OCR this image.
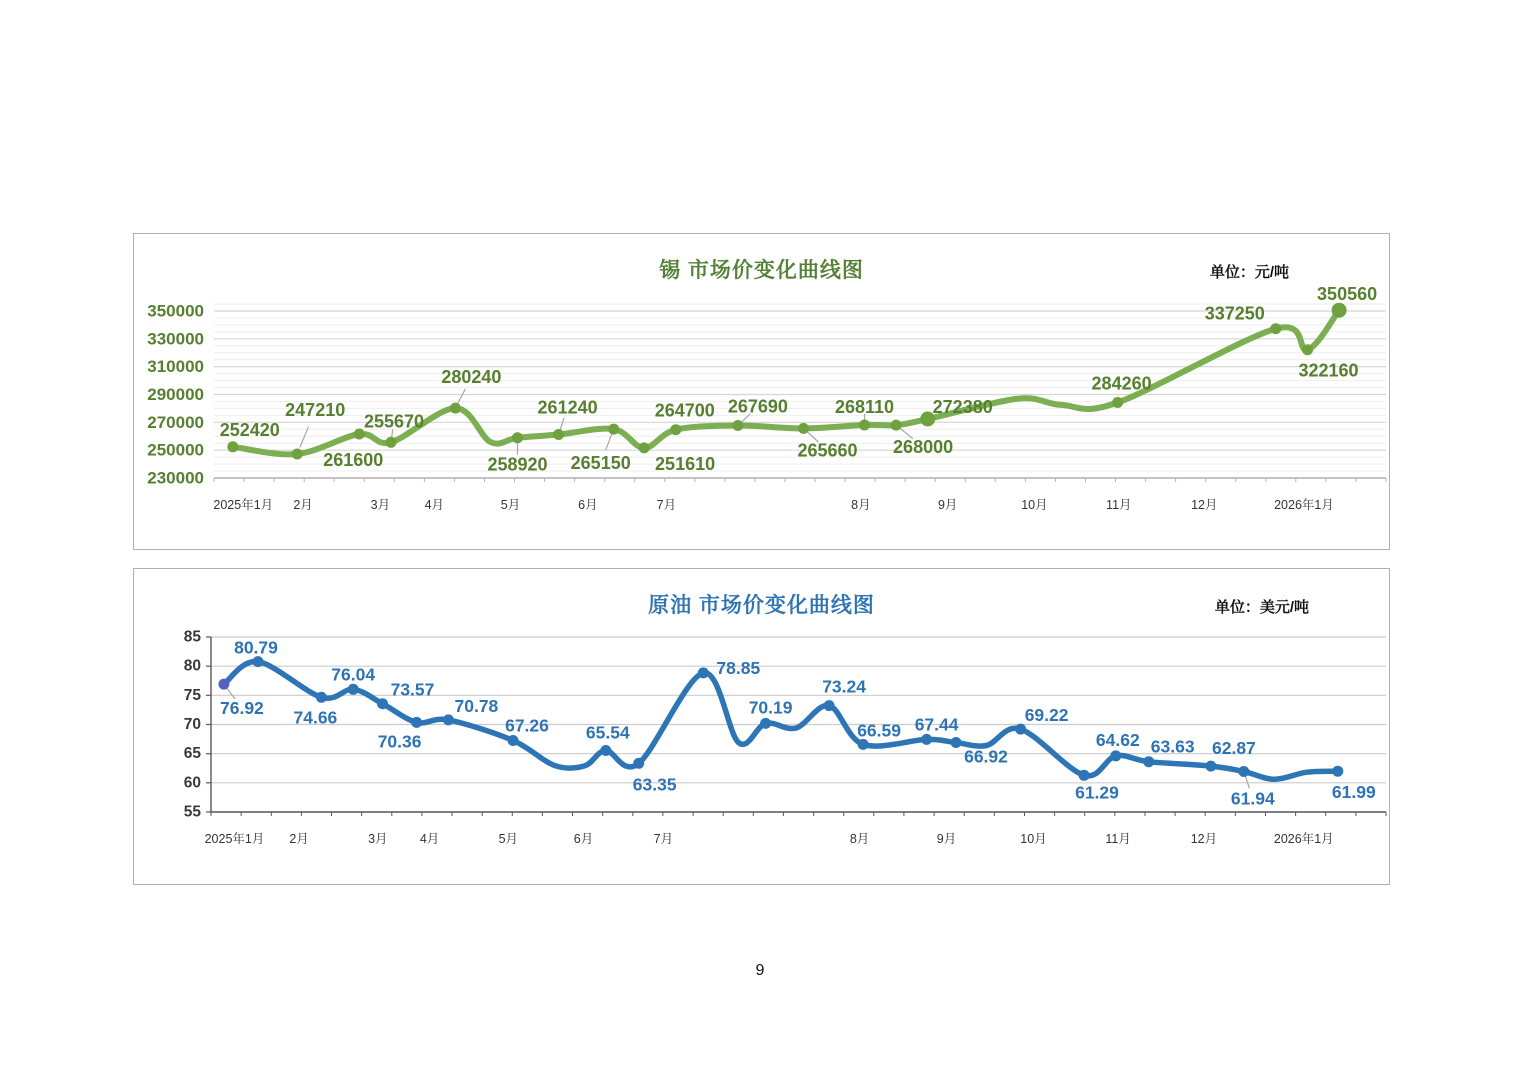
锡 市场价变化曲线图	单位：元/吨
350000
330000
310000
290000
270000
250000
230000
2025年1月 2月	3月	4月	5月	6月	7月	8月	9月	10月	11月	12月	2026年1月
252420
247210
261600
255670
280240
258920
261240
265150 251610
264700 267690
265660
268110
268000
272380
284260
337250
322160
350560
原油 市场价变化曲线图	单位：美元/吨
85
80
75
70
65
60
55
2025年1月 2月	3月	4月	5月	6月	7月	8月	9月	10月	11月	12月	2026年1月
76.92
80.79
74.66
76.04
73.57
70.36
70.78
67.26 65.54
63.35
78.85
70.19
73.24
66.59 67.44
66.92
69.22
61.29
64.62 63.63 62.87
61.94	61.99
9
